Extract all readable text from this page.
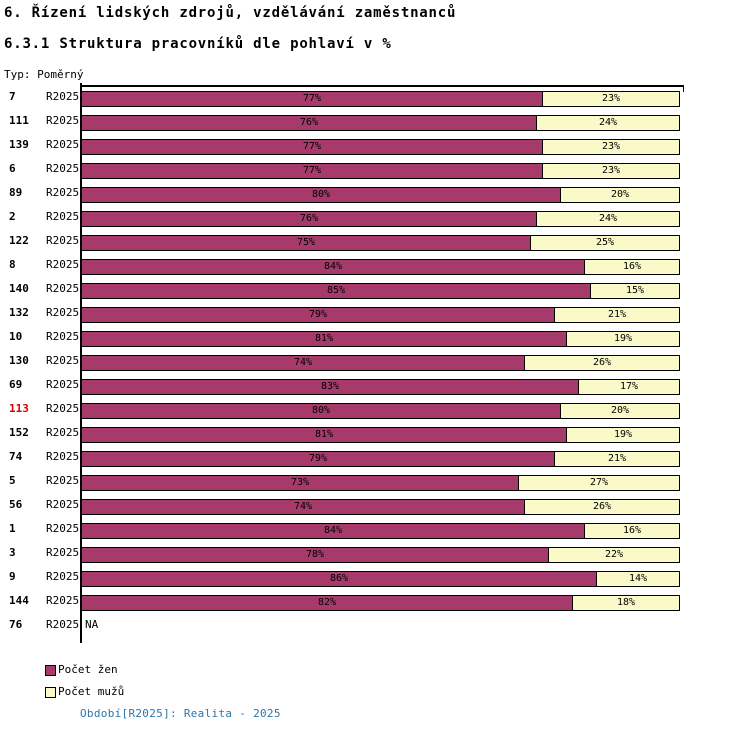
6. Řízení lidských zdrojů, vzdělávání zaměstnanců
6.3.1 Struktura pracovníků dle pohlaví v %
Typ: Poměrný
7	R2025	77%	23%
111 R2025	76%	24%
139 R2025	77%	23%
6	R2025	77%	23%
89 R2025	80%	20%
2	R2025	76%	24%
122 R2025	75%	25%
8	R2025	84%	16%
140 R2025	85%	15%
132 R2025	79%	21%
10 R2025	81%	19%
130 R2025	74%	26%
69 R2025	83%	17%
113 R2025	80%	20%
152 R2025	81%	19%
74 R2025	79%	21%
5	R2025	73%	27%
56 R2025	74%	26%
1	R2025	84%	16%
3	R2025	78%	22%
9	R2025	86%	14%
144 R2025	82%	18%
76 R2025 NA
Počet žen
Počet mužů
Období[R2025]: Realita - 2025
